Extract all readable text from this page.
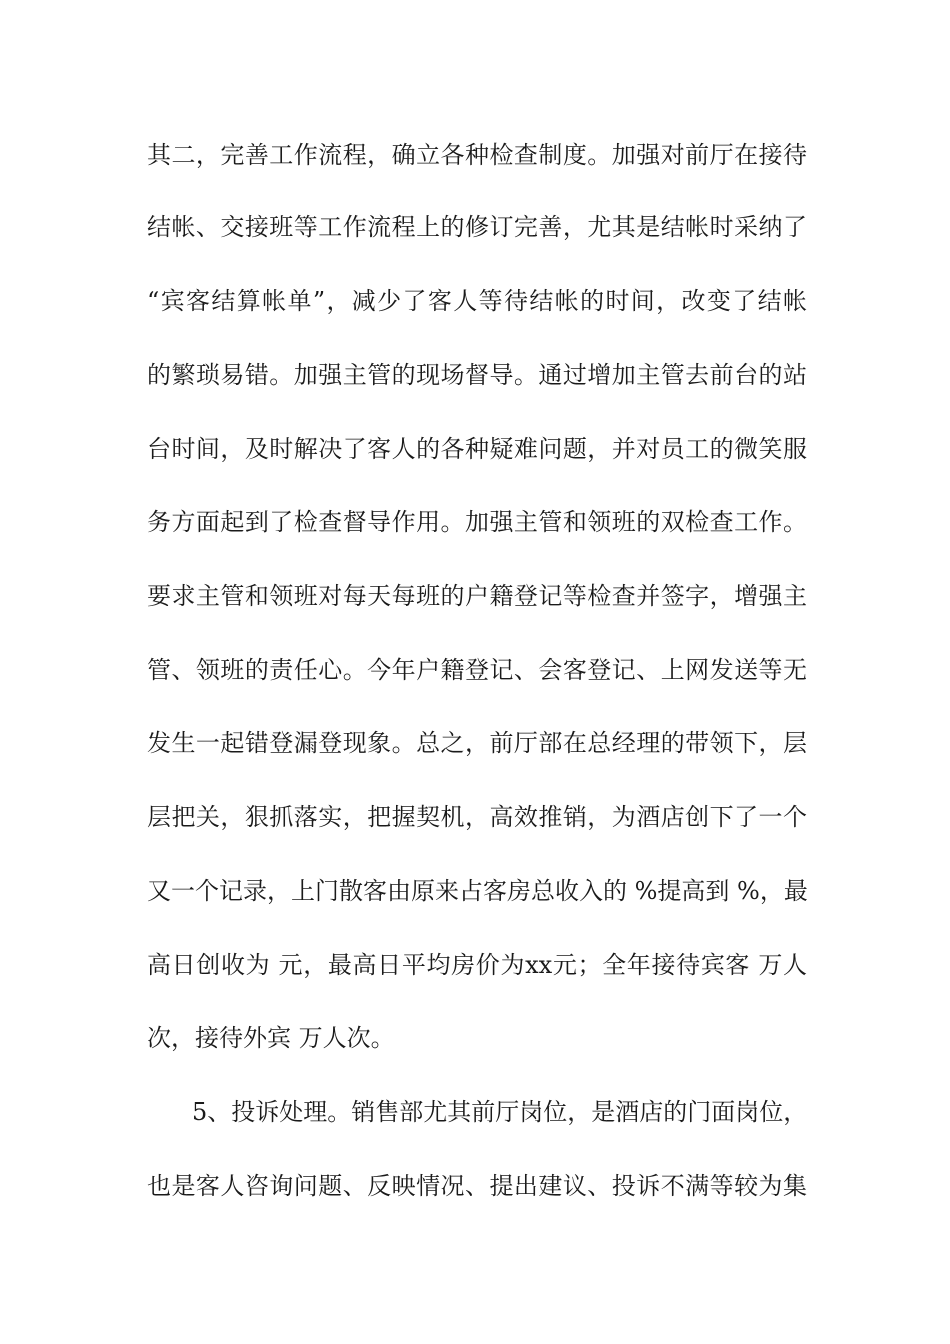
其二，完善工作流程，确立各种检查制度。加强对前厅在接待
结帐、交接班等工作流程上的修订完善，尤其是结帐时采纳了
“宾客结算帐单”，减少了客人等待结帐的时间，改变了结帐
的繁琐易错。加强主管的现场督导。通过增加主管去前台的站
台时间，及时解决了客人的各种疑难问题，并对员工的微笑服
务方面起到了检查督导作用。加强主管和领班的双检查工作。
要求主管和领班对每天每班的户籍登记等检查并签字，增强主
管、领班的责任心。今年户籍登记、会客登记、上网发送等无
发生一起错登漏登现象。总之，前厅部在总经理的带领下，层
层把关，狠抓落实，把握契机，高效推销，为酒店创下了一个
又一个记录，上门散客由原来占客房总收入的 %提高到 %，最
高日创收为 元，最高日平均房价为xx元；全年接待宾客 万人
次，接待外宾 万人次。
5、投诉处理。销售部尤其前厅岗位，是酒店的门面岗位，
也是客人咨询问题、反映情况、提出建议、投诉不满等较为集
